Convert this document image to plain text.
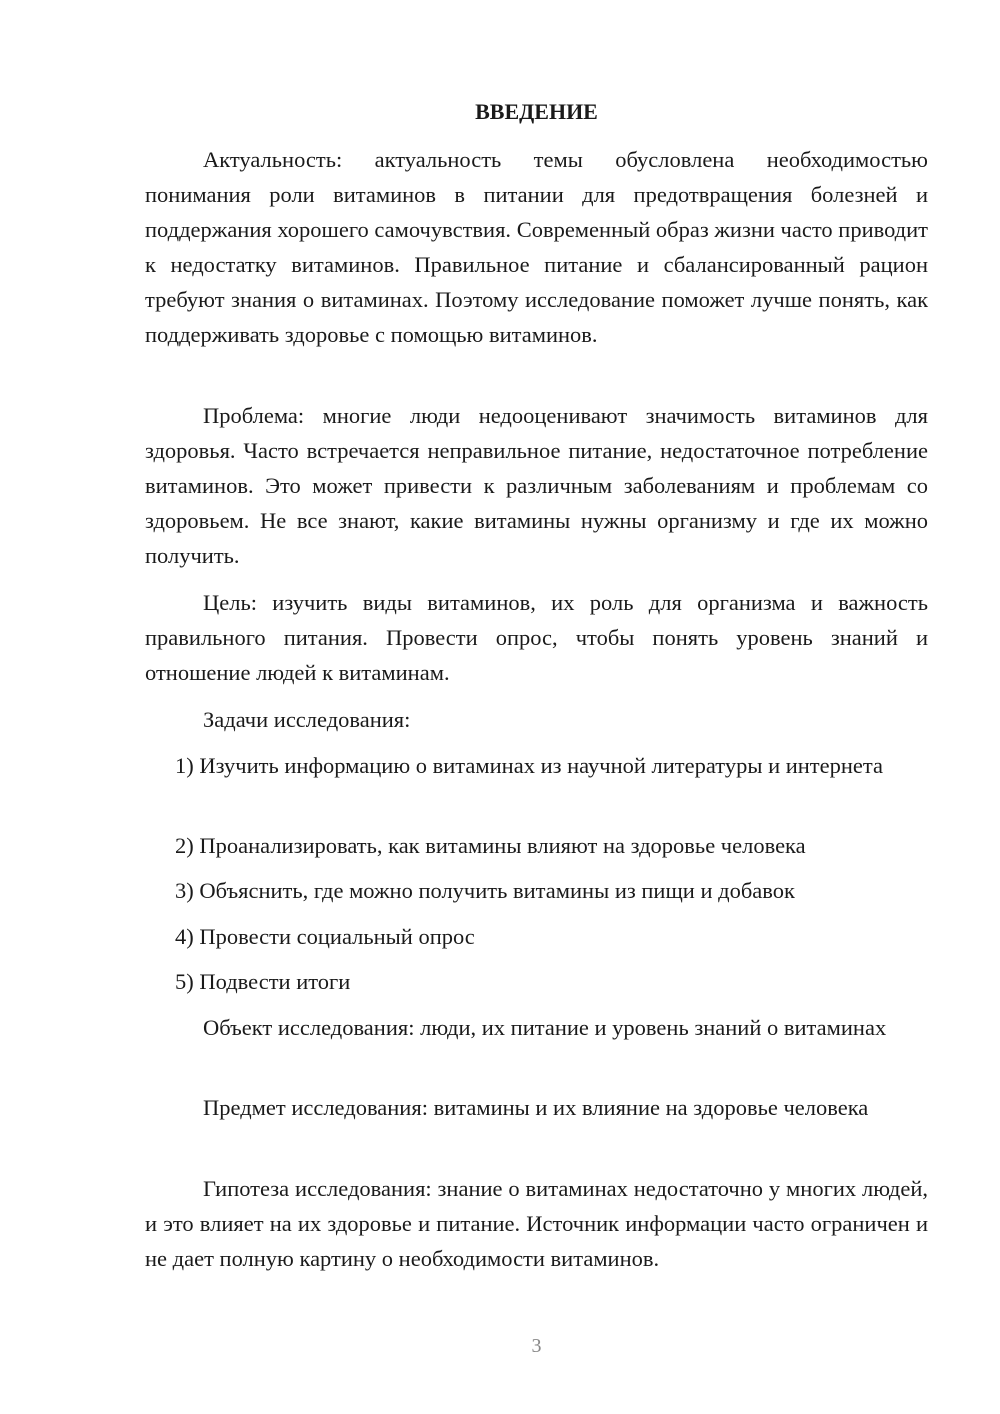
ВВЕДЕНИЕ

Актуальность: актуальность темы обусловлена необходимостью понимания роли витаминов в питании для предотвращения болезней и поддержания хорошего самочувствия. Современный образ жизни часто приводит к недостатку витаминов. Правильное питание и сбалансированный рацион требуют знания о витаминах. Поэтому исследование поможет лучше понять, как поддерживать здоровье с помощью витаминов.

Проблема: многие люди недооценивают значимость витаминов для здоровья. Часто встречается неправильное питание, недостаточное потребление витаминов. Это может привести к различным заболеваниям и проблемам со здоровьем. Не все знают, какие витамины нужны организму и где их можно получить.

Цель: изучить виды витаминов, их роль для организма и важность правильного питания. Провести опрос, чтобы понять уровень знаний и отношение людей к витаминам.

Задачи исследования:

1) Изучить информацию о витаминах из научной литературы и интернета

2) Проанализировать, как витамины влияют на здоровье человека

3) Объяснить, где можно получить витамины из пищи и добавок

4) Провести социальный опрос

5) Подвести итоги

Объект исследования: люди, их питание и уровень знаний о витаминах

Предмет исследования: витамины и их влияние на здоровье человека

Гипотеза исследования: знание о витаминах недостаточно у многих людей, и это влияет на их здоровье и питание. Источник информации часто ограничен и не дает полную картину о необходимости витаминов.

3
